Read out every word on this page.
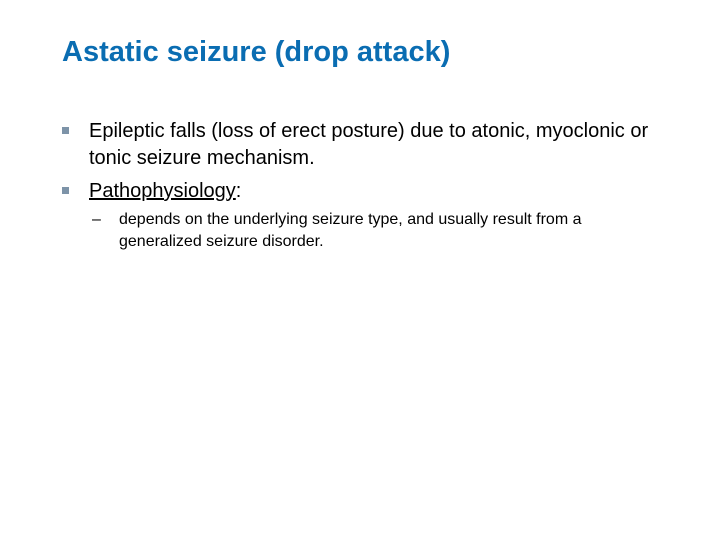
Astatic seizure (drop attack)
Epileptic falls (loss of erect posture) due to atonic, myoclonic or tonic seizure mechanism.
Pathophysiology:
– depends on the underlying seizure type, and usually result from a generalized seizure disorder.
